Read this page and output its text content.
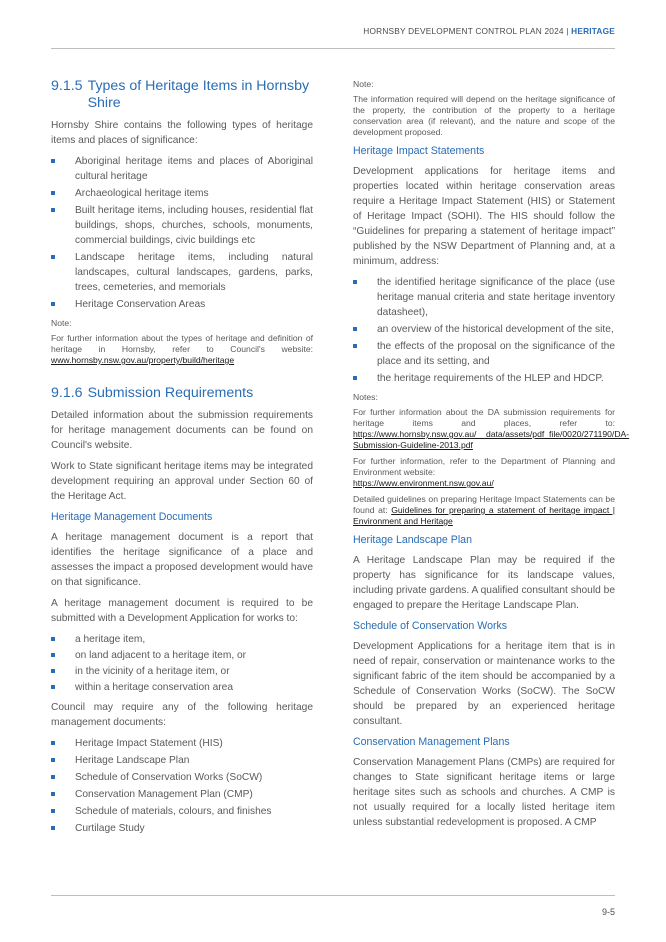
HORNSBY DEVELOPMENT CONTROL PLAN 2024 | HERITAGE
9.1.5 Types of Heritage Items in Hornsby Shire

Hornsby Shire contains the following types of heritage items and places of significance:

Aboriginal heritage items and places of Aboriginal cultural heritage
Archaeological heritage items
Built heritage items, including houses, residential flat buildings, shops, churches, schools, monuments, commercial buildings, civic buildings etc
Landscape heritage items, including natural landscapes, cultural landscapes, gardens, parks, trees, cemeteries, and memorials
Heritage Conservation Areas

Note:

For further information about the types of heritage and definition of heritage in Hornsby, refer to Council's website: www.hornsby.nsw.gov.au/property/build/heritage

9.1.6 Submission Requirements

Detailed information about the submission requirements for heritage management documents can be found on Council's website.

Work to State significant heritage items may be integrated development requiring an approval under Section 60 of the Heritage Act.

Heritage Management Documents

A heritage management document is a report that identifies the heritage significance of a place and assesses the impact a proposed development would have on that significance.

A heritage management document is required to be submitted with a Development Application for works to:

a heritage item,
on land adjacent to a heritage item, or
in the vicinity of a heritage item, or
within a heritage conservation area

Council may require any of the following heritage management documents:

Heritage Impact Statement (HIS)
Heritage Landscape Plan
Schedule of Conservation Works (SoCW)
Conservation Management Plan (CMP)
Schedule of materials, colours, and finishes
Curtilage Study

Note:

The information required will depend on the heritage significance of the property, the contribution of the property to a heritage conservation area (if relevant), and the nature and scope of the development proposed.

Heritage Impact Statements

Development applications for heritage items and properties located within heritage conservation areas require a Heritage Impact Statement (HIS) or Statement of Heritage Impact (SOHI). The HIS should follow the “Guidelines for preparing a statement of heritage impact” published by the NSW Department of Planning and, at a minimum, address:

the identified heritage significance of the place (use heritage manual criteria and state heritage inventory datasheet),
an overview of the historical development of the site,
the effects of the proposal on the significance of the place and its setting, and
the heritage requirements of the HLEP and HDCP.

Notes:

For further information about the DA submission requirements for heritage items and places, refer to: https://www.hornsby.nsw.gov.au/__data/assets/pdf_file/0020/271190/DA-Submission-Guideline-2013.pdf

For further information, refer to the Department of Planning and Environment website:
https://www.environment.nsw.gov.au/

Detailed guidelines on preparing Heritage Impact Statements can be found at: Guidelines for preparing a statement of heritage impact | Environment and Heritage

Heritage Landscape Plan

A Heritage Landscape Plan may be required if the property has significance for its landscape values, including private gardens. A qualified consultant should be engaged to prepare the Heritage Landscape Plan.

Schedule of Conservation Works

Development Applications for a heritage item that is in need of repair, conservation or maintenance works to the significant fabric of the item should be accompanied by a Schedule of Conservation Works (SoCW). The SoCW should be prepared by an experienced heritage consultant.

Conservation Management Plans

Conservation Management Plans (CMPs) are required for changes to State significant heritage items or large heritage sites such as schools and churches. A CMP is not usually required for a locally listed heritage item unless substantial redevelopment is proposed. A CMP

9-5
